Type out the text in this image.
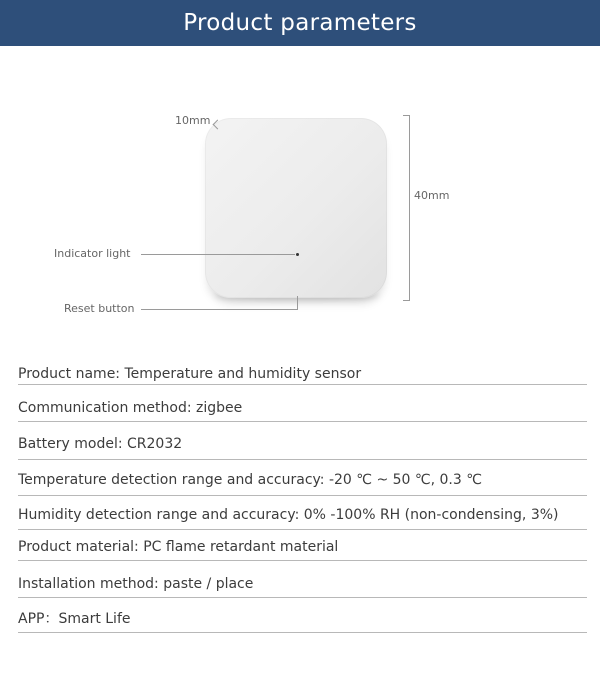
Product parameters
10mm
40mm
Indicator light
Reset button
Product name: Temperature and humidity sensor
Communication method: zigbee
Battery model: CR2032
Temperature detection range and accuracy: -20 ℃ ~ 50 ℃, 0.3 ℃
Humidity detection range and accuracy: 0% -100% RH (non-condensing, 3%)
Product material: PC flame retardant material
Installation method: paste / place
APP：Smart Life
